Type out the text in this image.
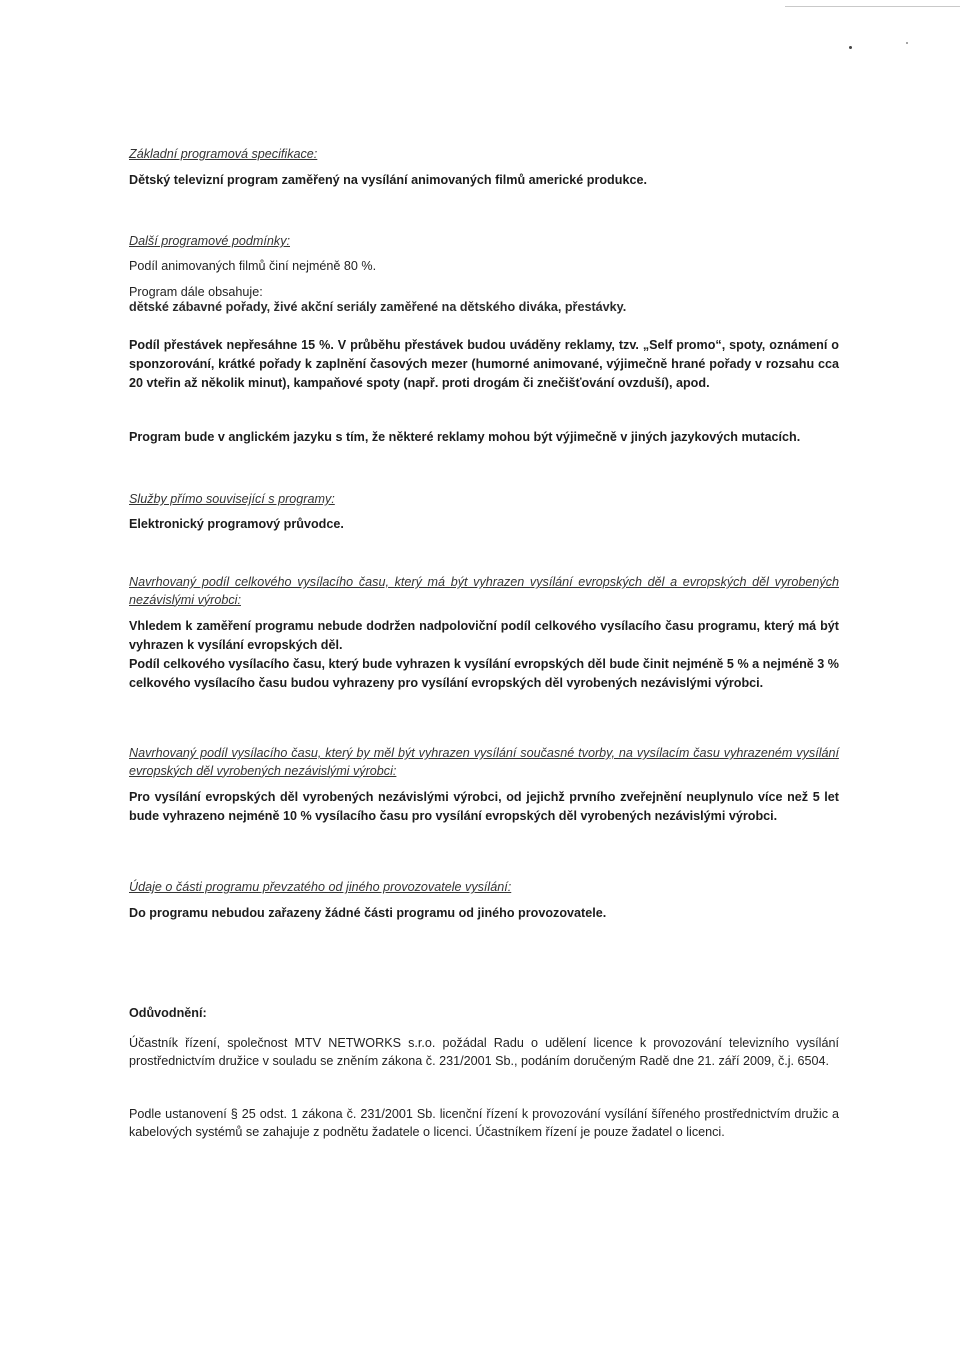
Základní programová specifikace:
Dětský televizní program zaměřený na vysílání animovaných filmů americké produkce.
Další programové podmínky:
Podíl animovaných filmů činí nejméně 80 %.
Program dále obsahuje:
dětské zábavné pořady, živé akční seriály zaměřené na dětského diváka, přestávky.
Podíl přestávek nepřesáhne 15 %. V průběhu přestávek budou uváděny reklamy, tzv. „Self promo“, spoty, oznámení o sponzorování, krátké pořady k zaplnění časových mezer (humorné animované, výjimečně hrané pořady v rozsahu cca 20 vteřin až několik minut), kampaňové spoty (např. proti drogám či znečišťování ovzduší), apod.
Program bude v anglickém jazyku s tím, že některé reklamy mohou být výjimečně v jiných jazykových mutacích.
Služby přímo související s programy:
Elektronický programový průvodce.
Navrhovaný podíl celkového vysílacího času, který má být vyhrazen vysílání evropských děl a evropských děl vyrobených nezávislými výrobci:
Vhledem k zaměření programu nebude dodržen nadpoloviční podíl celkového vysílacího času programu, který má být vyhrazen k vysílání evropských děl.
Podíl celkového vysílacího času, který bude vyhrazen k vysílání evropských děl bude činit nejméně 5 % a nejméně 3 % celkového vysílacího času budou vyhrazeny pro vysílání evropských děl vyrobených nezávislými výrobci.
Navrhovaný podíl vysílacího času, který by měl být vyhrazen vysílání současné tvorby, na vysílacím času vyhrazeném vysílání evropských děl vyrobených nezávislými výrobci:
Pro vysílání evropských děl vyrobených nezávislými výrobci, od jejichž prvního zveřejnění neuplynulo více než 5 let bude vyhrazeno nejméně 10 % vysílacího času pro vysílání evropských děl vyrobených nezávislými výrobci.
Údaje o části programu převzatého od jiného provozovatele vysílání:
Do programu nebudou zařazeny žádné části programu od jiného provozovatele.
Odůvodnění:
Účastník řízení, společnost MTV NETWORKS s.r.o. požádal Radu o udělení licence k provozování televizního vysílání prostřednictvím družice v souladu se zněním zákona č. 231/2001 Sb., podáním doručeným Radě dne 21. září 2009, č.j. 6504.
Podle ustanovení § 25 odst. 1 zákona č. 231/2001 Sb. licenční řízení k provozování vysílání šířeného prostřednictvím družic a kabelových systémů se zahajuje z podnětu žadatele o licenci. Účastníkem řízení je pouze žadatel o licenci.
